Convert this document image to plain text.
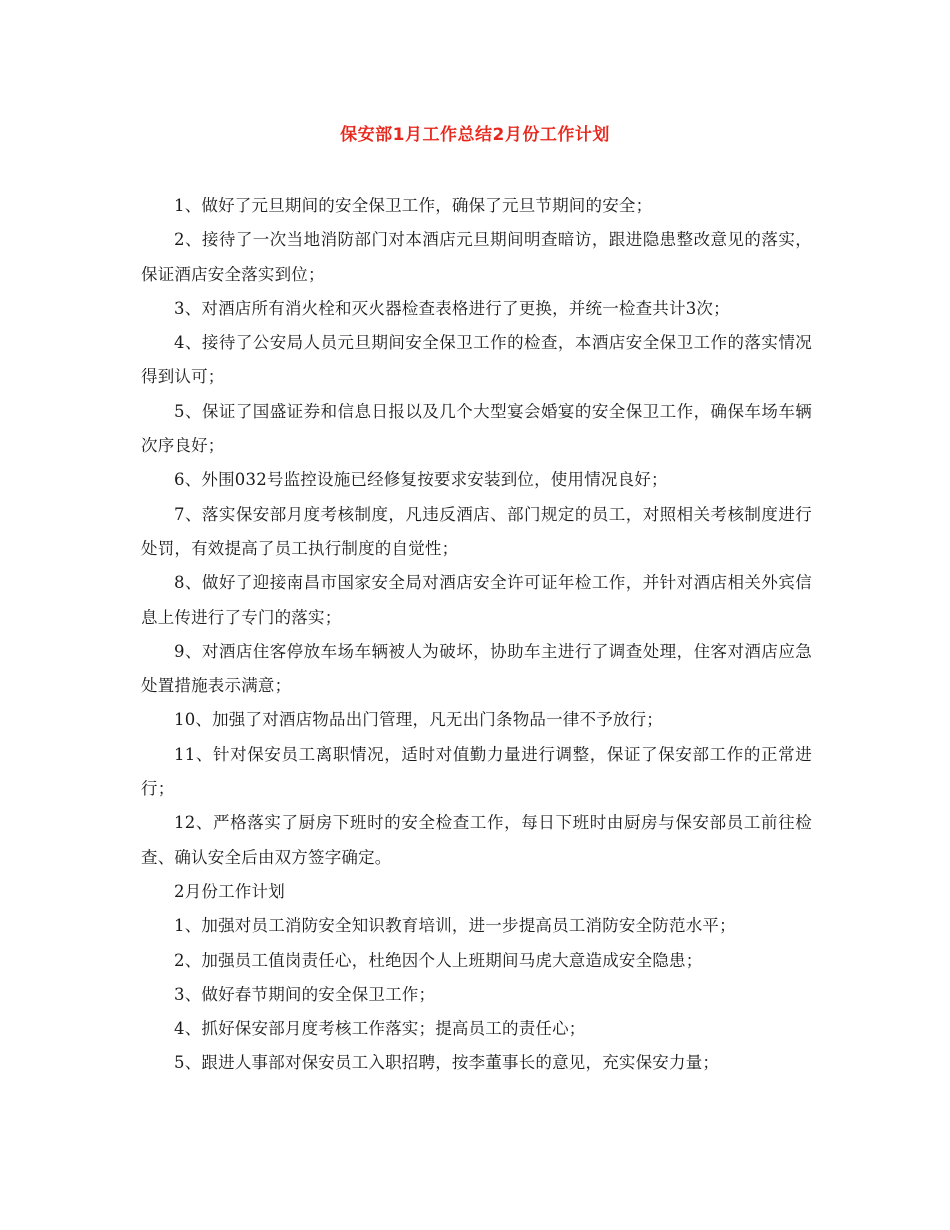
保安部1月工作总结2月份工作计划

1、做好了元旦期间的安全保卫工作，确保了元旦节期间的安全；

2、接待了一次当地消防部门对本酒店元旦期间明查暗访，跟进隐患整改意见的落实，保证酒店安全落实到位；

3、对酒店所有消火栓和灭火器检查表格进行了更换，并统一检查共计3次；

4、接待了公安局人员元旦期间安全保卫工作的检查，本酒店安全保卫工作的落实情况得到认可；

5、保证了国盛证券和信息日报以及几个大型宴会婚宴的安全保卫工作，确保车场车辆次序良好；

6、外围032号监控设施已经修复按要求安装到位，使用情况良好；

7、落实保安部月度考核制度，凡违反酒店、部门规定的员工，对照相关考核制度进行处罚，有效提高了员工执行制度的自觉性；

8、做好了迎接南昌市国家安全局对酒店安全许可证年检工作，并针对酒店相关外宾信息上传进行了专门的落实；

9、对酒店住客停放车场车辆被人为破坏，协助车主进行了调查处理，住客对酒店应急处置措施表示满意；

10、加强了对酒店物品出门管理，凡无出门条物品一律不予放行；

11、针对保安员工离职情况，适时对值勤力量进行调整，保证了保安部工作的正常进行；

12、严格落实了厨房下班时的安全检查工作，每日下班时由厨房与保安部员工前往检查、确认安全后由双方签字确定。

2月份工作计划

1、加强对员工消防安全知识教育培训，进一步提高员工消防安全防范水平；

2、加强员工值岗责任心，杜绝因个人上班期间马虎大意造成安全隐患；

3、做好春节期间的安全保卫工作；

4、抓好保安部月度考核工作落实；提高员工的责任心；

5、跟进人事部对保安员工入职招聘，按李董事长的意见，充实保安力量；
